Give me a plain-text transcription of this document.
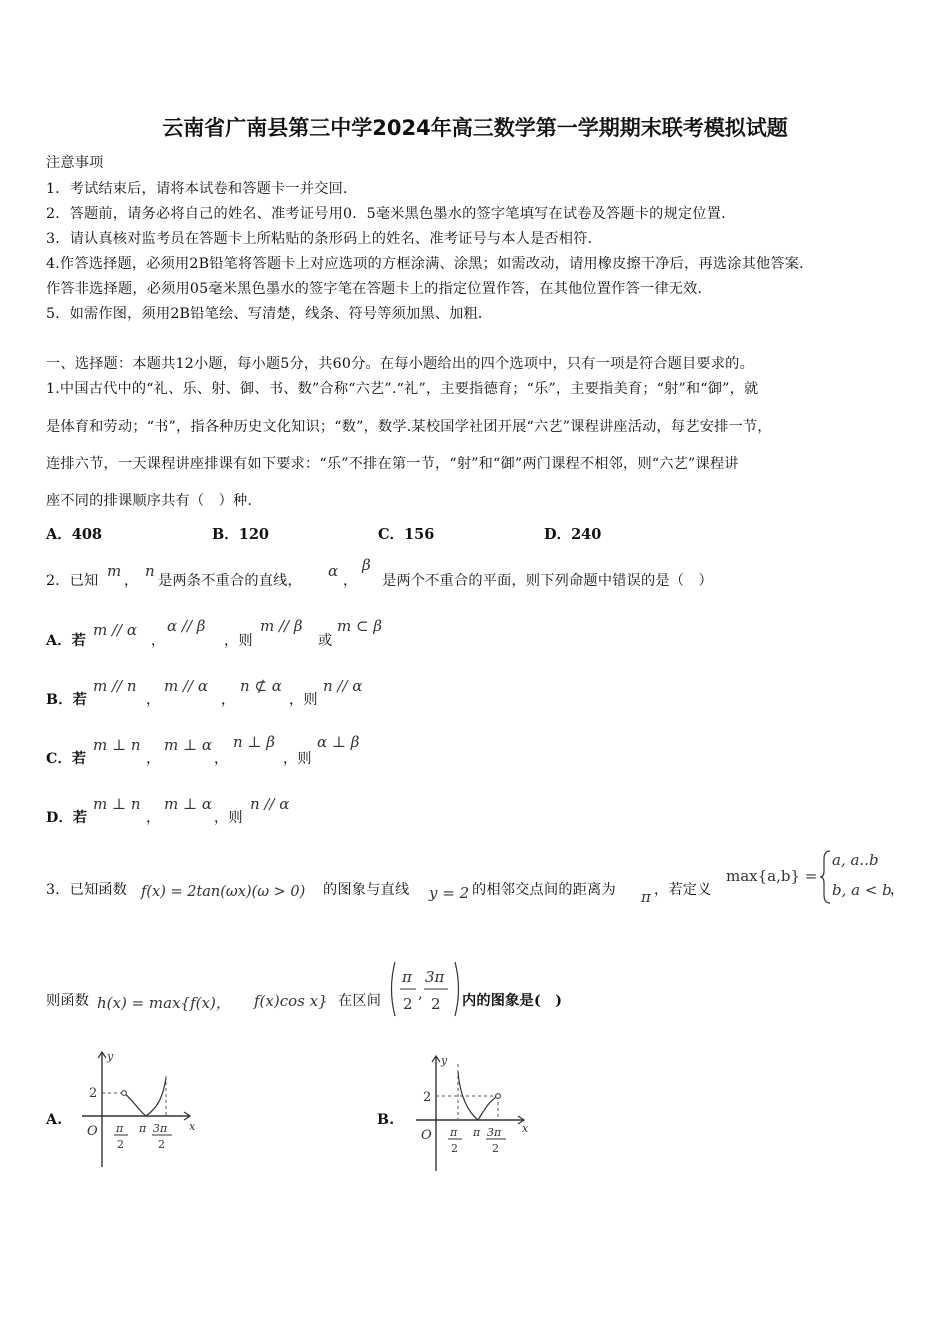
云南省广南县第三中学2024年高三数学第一学期期末联考模拟试题
注意事项
1．考试结束后，请将本试卷和答题卡一并交回．
2．答题前，请务必将自己的姓名、准考证号用0．5毫米黑色墨水的签字笔填写在试卷及答题卡的规定位置．
3．请认真核对监考员在答题卡上所粘贴的条形码上的姓名、准考证号与本人是否相符．
4.作答选择题，必须用2B铅笔将答题卡上对应选项的方框涂满、涂黑；如需改动，请用橡皮擦干净后，再选涂其他答案．
作答非选择题，必须用05毫米黑色墨水的签字笔在答题卡上的指定位置作答，在其他位置作答一律无效．
5．如需作图，须用2B铅笔绘、写清楚，线条、符号等须加黑、加粗．
一、选择题：本题共12小题，每小题5分，共60分。在每小题给出的四个选项中，只有一项是符合题目要求的。
1.中国古代中的“礼、乐、射、御、书、数”合称“六艺”.“礼”，主要指德育；“乐”，主要指美育；“射”和“御”，就
是体育和劳动；“书”，指各种历史文化知识；“数”，数学.某校国学社团开展“六艺”课程讲座活动，每艺安排一节，
连排六节，一天课程讲座排课有如下要求：“乐”不排在第一节，“射”和“御”两门课程不相邻，则“六艺”课程讲
座不同的排课顺序共有（　）种.
A．408	B．120	C．156	D．240
2．已知
m
，
n
是两条不重合的直线，
α
，
β
是两个不重合的平面，则下列命题中错误的是（　）
A．若
m // α
，
α // β
，则
m // β
或
m ⊂ β
B．若
m // n
，
m // α
，
n ⊄ α
，则
n // α
C．若
m ⊥ n
，
m ⊥ α
，
n ⊥ β
，则
α ⊥ β
D．若
m ⊥ n
，
m ⊥ α
，则
n // α
3．已知函数 f(x) = 2tan(ωx)(ω > 0) 的图象与直线 y = 2 的相邻交点间的距离为 π ，若定义
max{a,b} =
a, a..b
b, a < b
，
则函数 h(x) = max{f(x)， f(x)cos x} 在区间 ,
π
2
3π
2 内的图象是(　)
A.
y
x
O
2
π
2
π 3π
2
B.
y
x
O
2
π
2
π 3π
2
